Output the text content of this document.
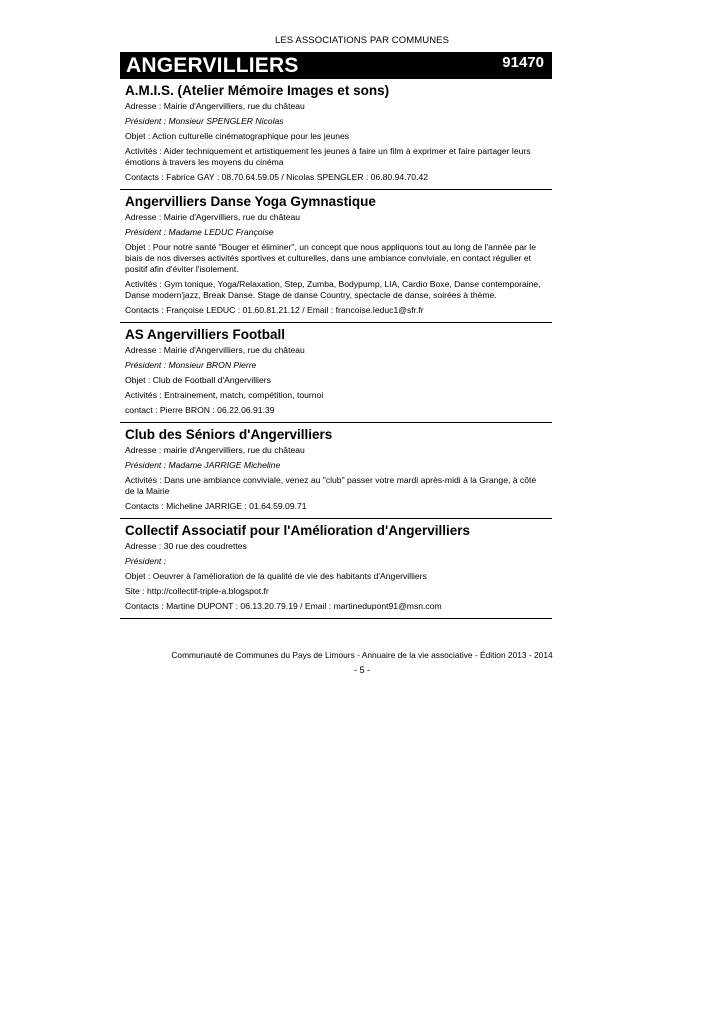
LES ASSOCIATIONS PAR COMMUNES
ANGERVILLIERS	91470
A.M.I.S. (Atelier Mémoire Images et sons)
Adresse : Mairie d'Angervilliers, rue du château
Président : Monsieur SPENGLER Nicolas
Objet : Action culturelle cinématographique pour les jeunes
Activités : Aider techniquement et artistiquement les jeunes à faire un film à exprimer et faire partager leurs émotions à travers les moyens du cinéma
Contacts : Fabrice GAY : 08.70.64.59.05 / Nicolas SPENGLER : 06.80.94.70.42
Angervilliers Danse Yoga Gymnastique
Adresse : Mairie d'Agervilliers, rue du château
Président : Madame LEDUC Françoise
Objet : Pour notre santé "Bouger et éliminer", un concept que nous appliquons tout au long de l'année par le biais de nos diverses activités sportives et culturelles, dans une ambiance conviviale, en contact régulier et positif afin d'éviter l'isolement.
Activités : Gym tonique, Yoga/Relaxation, Step, Zumba, Bodypump, LIA, Cardio Boxe, Danse contemporaine, Danse modern'jazz, Break Danse. Stage de danse Country, spectacle de danse, soirées à thème.
Contacts : Françoise LEDUC : 01.60.81.21.12 / Email : francoise.leduc1@sfr.fr
AS Angervilliers Football
Adresse : Mairie d'Angervilliers, rue du château
Président : Monsieur BRON Pierre
Objet : Club de Football d'Angervilliers
Activités : Entrainement, match, compétition, tournoi
contact : Pierre BRON : 06.22.06.91.39
Club des Séniors d'Angervilliers
Adresse : mairie d'Angervilliers, rue du château
Président : Madame JARRIGE Micheline
Activités : Dans une ambiance conviviale, venez au "club" passer votre mardi après-midi à la Grange, à côté de la Mairie
Contacts : Micheline JARRIGE : 01.64.59.09.71
Collectif Associatif pour l'Amélioration d'Angervilliers
Adresse : 30 rue des coudrettes
Président :
Objet : Oeuvrer à l'amélioration de la qualité de vie des habitants d'Angervilliers
Site : http://collectif-triple-a.blogspot.fr
Contacts : Martine DUPONT : 06.13.20.79.19 / Email : martinedupont91@msn.com
Communauté de Communes du Pays de Limours - Annuaire de la vie associative - Édition 2013 - 2014
- 5 -
